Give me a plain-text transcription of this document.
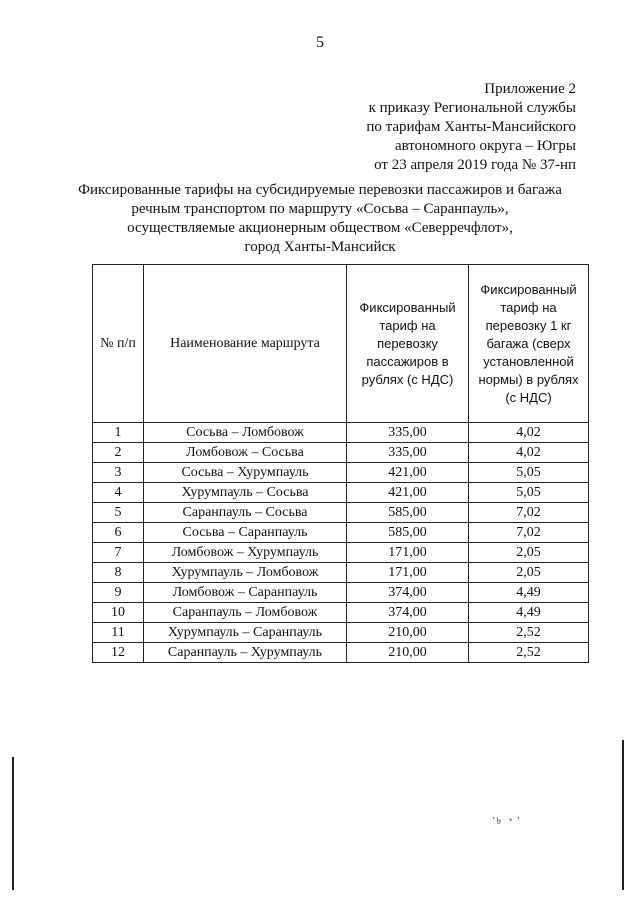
5
Приложение 2
к приказу Региональной службы
по тарифам Ханты-Мансийского
автономного округа – Югры
от 23 апреля 2019 года № 37-нп
Фиксированные тарифы на субсидируемые перевозки пассажиров и багажа
речным транспортом по маршруту «Сосьва – Саранпауль»,
осуществляемые акционерным обществом «Северречфлот»,
город Ханты-Мансийск
№ п/п	Наименование маршрута	Фиксированный тариф на перевозку пассажиров в рублях (с НДС)	Фиксированный тариф на перевозку 1 кг багажа (сверх установленной нормы) в рублях (с НДС)
1	Сосьва – Ломбовож	335,00	4,02
2	Ломбовож – Сосьва	335,00	4,02
3	Сосьва – Хурумпауль	421,00	5,05
4	Хурумпауль – Сосьва	421,00	5,05
5	Саранпауль – Сосьва	585,00	7,02
6	Сосьва – Саранпауль	585,00	7,02
7	Ломбовож – Хурумпауль	171,00	2,05
8	Хурумпауль – Ломбовож	171,00	2,05
9	Ломбовож – Саранпауль	374,00	4,49
10	Саранпауль – Ломбовож	374,00	4,49
11	Хурумпауль – Саранпауль	210,00	2,52
12	Саранпауль – Хурумпауль	210,00	2,52
ʼ৳ ﹡ʼ
